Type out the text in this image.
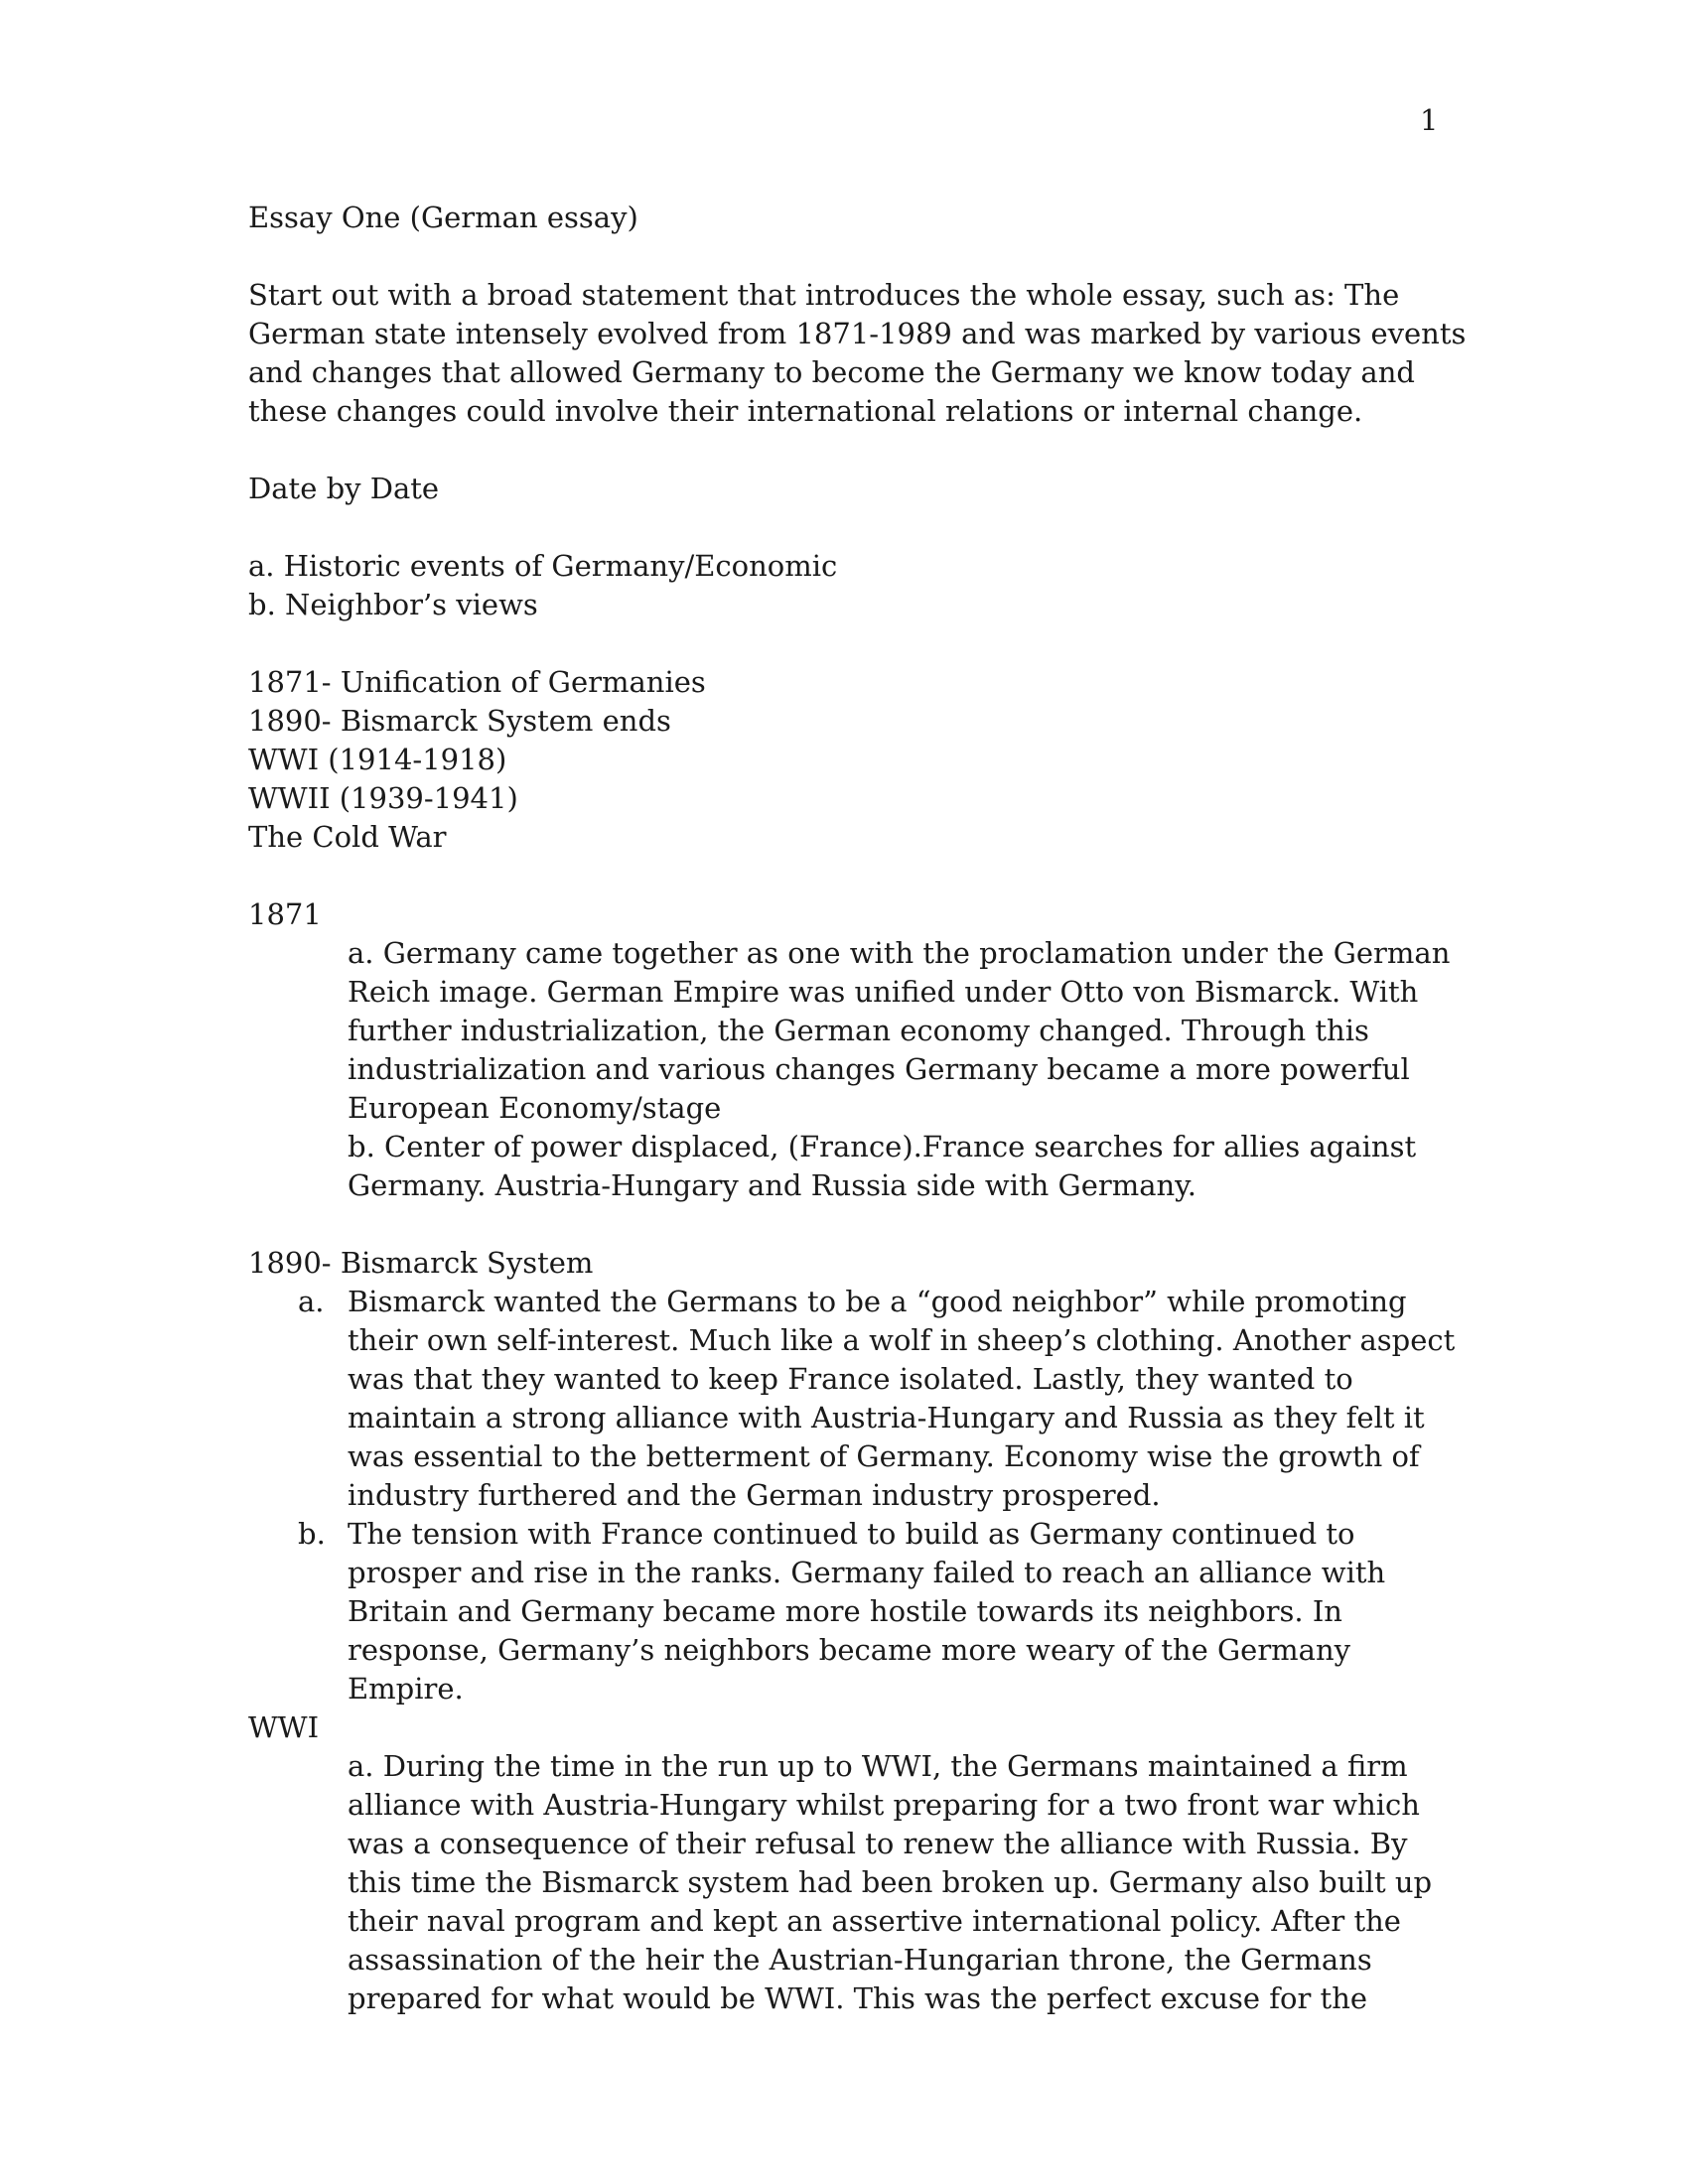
1

Essay One (German essay)

Start out with a broad statement that introduces the whole essay, such as: The German state intensely evolved from 1871-1989 and was marked by various events and changes that allowed Germany to become the Germany we know today and these changes could involve their international relations or internal change.

Date by Date

a. Historic events of Germany/Economic

b. Neighbor’s views

1871- Unification of Germanies

1890- Bismarck System ends

WWI (1914-1918)

WWII (1939-1941)

The Cold War

1871

a. Germany came together as one with the proclamation under the German Reich image. German Empire was unified under Otto von Bismarck. With further industrialization, the German economy changed. Through this industrialization and various changes Germany became a more powerful European Economy/stage

b. Center of power displaced, (France).France searches for allies against Germany. Austria-Hungary and Russia side with Germany.

1890- Bismarck System

a. Bismarck wanted the Germans to be a “good neighbor” while promoting their own self-interest. Much like a wolf in sheep’s clothing. Another aspect was that they wanted to keep France isolated. Lastly, they wanted to maintain a strong alliance with Austria-Hungary and Russia as they felt it was essential to the betterment of Germany. Economy wise the growth of industry furthered and the German industry prospered.
b. The tension with France continued to build as Germany continued to prosper and rise in the ranks. Germany failed to reach an alliance with Britain and Germany became more hostile towards its neighbors. In response, Germany’s neighbors became more weary of the Germany Empire.

WWI

a. During the time in the run up to WWI, the Germans maintained a firm alliance with Austria-Hungary whilst preparing for a two front war which was a consequence of their refusal to renew the alliance with Russia. By this time the Bismarck system had been broken up. Germany also built up their naval program and kept an assertive international policy. After the assassination of the heir the Austrian-Hungarian throne, the Germans prepared for what would be WWI. This was the perfect excuse for the
